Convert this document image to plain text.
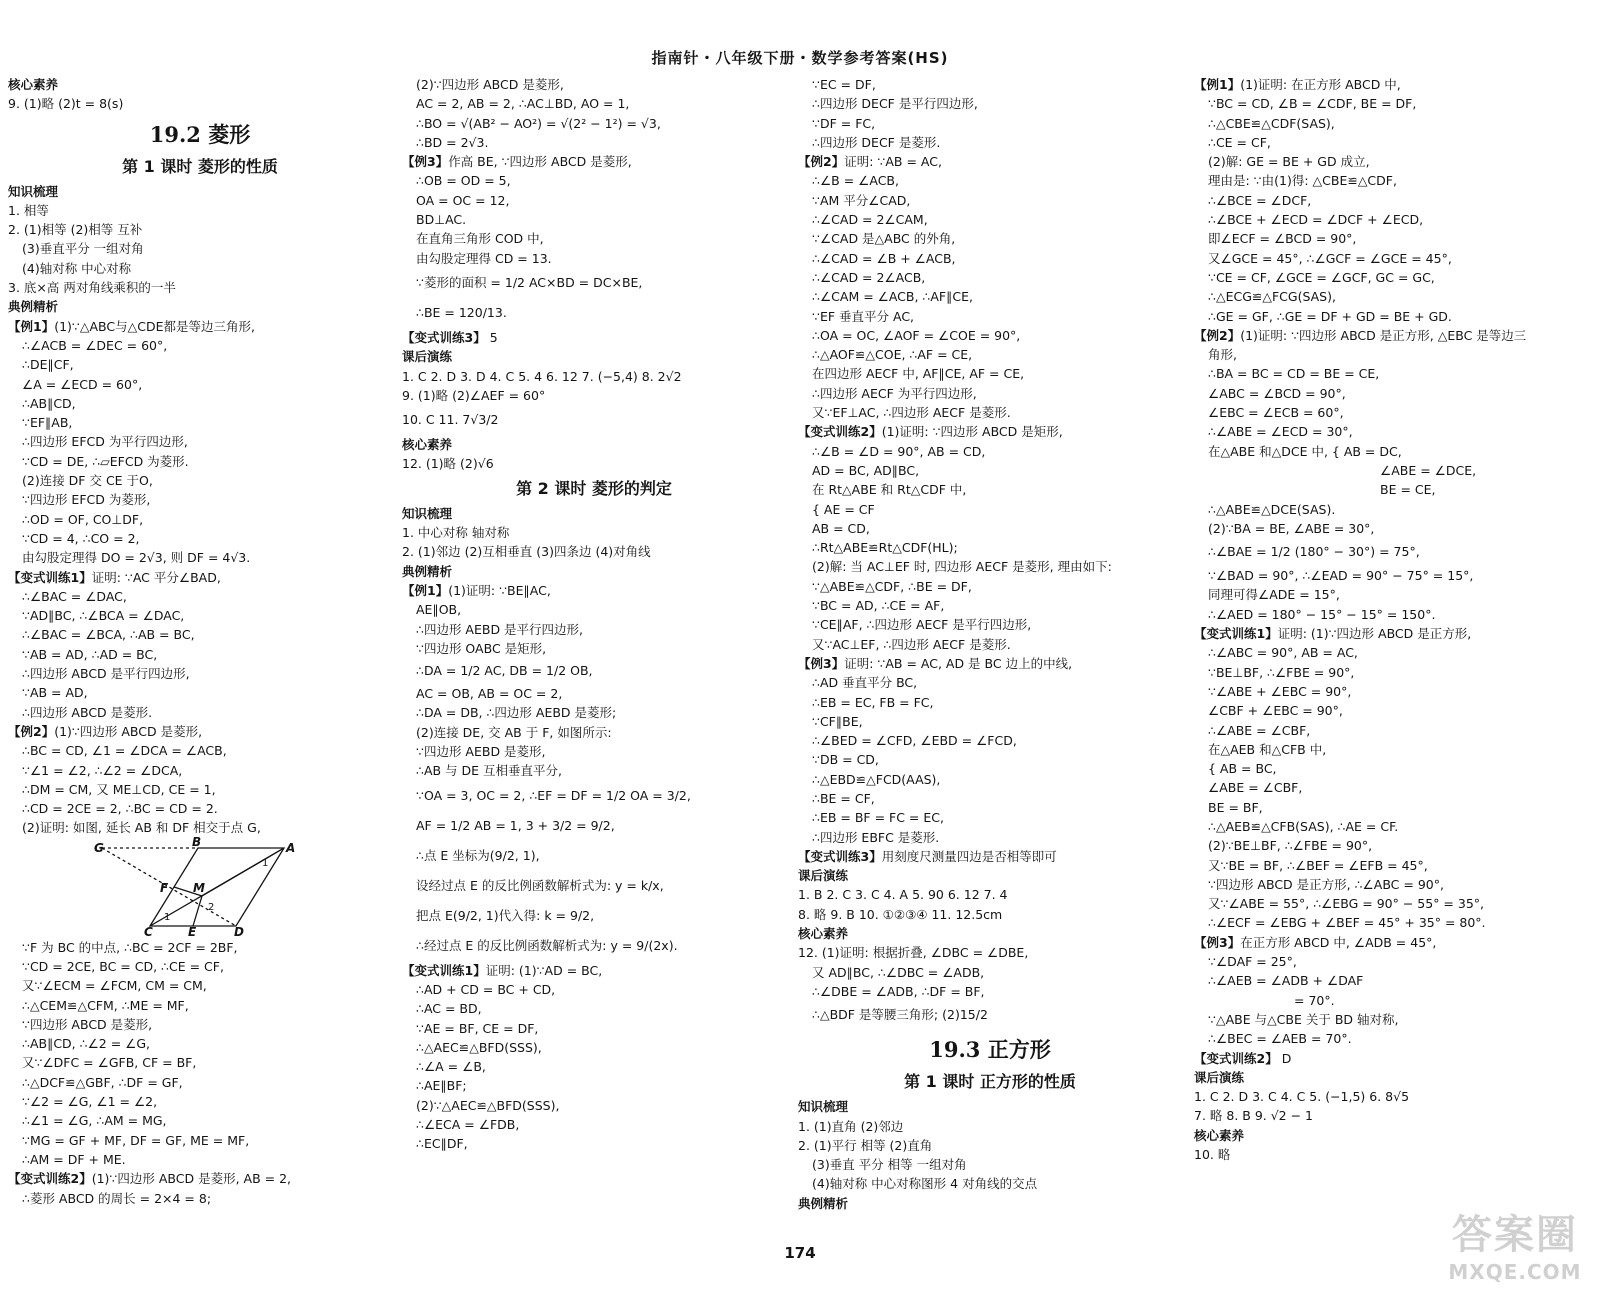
指南针・八年级下册・数学参考答案(HS)

核心素养

9. (1)略 (2)t = 8(s)

19.2 菱形
第 1 课时 菱形的性质

知识梳理

1. 相等

2. (1)相等 (2)相等 互补

(3)垂直平分 一组对角

(4)轴对称 中心对称

3. 底×高 两对角线乘积的一半

典例精析

【例1】(1)∵△ABC与△CDE都是等边三角形,

∴∠ACB = ∠DEC = 60°,

∴DE∥CF,

∠A = ∠ECD = 60°,

∴AB∥CD,

∵EF∥AB,

∴四边形 EFCD 为平行四边形,

∵CD = DE, ∴▱EFCD 为菱形.

(2)连接 DF 交 CE 于O,

∵四边形 EFCD 为菱形,

∴OD = OF, CO⊥DF,

∵CD = 4, ∴CO = 2,

由勾股定理得 DO = 2√3, 则 DF = 4√3.

【变式训练1】证明: ∵AC 平分∠BAD,

∴∠BAC = ∠DAC,

∵AD∥BC, ∴∠BCA = ∠DAC,

∴∠BAC = ∠BCA, ∴AB = BC,

∵AB = AD, ∴AD = BC,

∴四边形 ABCD 是平行四边形,

∵AB = AD,

∴四边形 ABCD 是菱形.

【例2】(1)∵四边形 ABCD 是菱形,

∴BC = CD, ∠1 = ∠DCA = ∠ACB,

∵∠1 = ∠2, ∴∠2 = ∠DCA,

∴DM = CM, 又 ME⊥CD, CE = 1,

∴CD = 2CE = 2, ∴BC = CD = 2.

(2)证明: 如图, 延长 AB 和 DF 相交于点 G,

G	B	A
M
F
C	E	D
1
1
2

∵F 为 BC 的中点, ∴BC = 2CF = 2BF,

∵CD = 2CE, BC = CD, ∴CE = CF,

又∵∠ECM = ∠FCM, CM = CM,

∴△CEM≌△CFM, ∴ME = MF,

∵四边形 ABCD 是菱形,

∴AB∥CD, ∴∠2 = ∠G,

又∵∠DFC = ∠GFB, CF = BF,

∴△DCF≌△GBF, ∴DF = GF,

∵∠2 = ∠G, ∠1 = ∠2,

∴∠1 = ∠G, ∴AM = MG,

∵MG = GF + MF, DF = GF, ME = MF,

∴AM = DF + ME.

【变式训练2】(1)∵四边形 ABCD 是菱形, AB = 2,

∴菱形 ABCD 的周长 = 2×4 = 8;

(2)∵四边形 ABCD 是菱形,

AC = 2, AB = 2, ∴AC⊥BD, AO = 1,

∴BO = √(AB² − AO²) = √(2² − 1²) = √3,

∴BD = 2√3.

【例3】作高 BE, ∵四边形 ABCD 是菱形,

∴OB = OD = 5,

OA = OC = 12,

BD⊥AC.

在直角三角形 COD 中,

由勾股定理得 CD = 13.

∵菱形的面积 = 1/2 AC×BD = DC×BE,

∴BE = 120/13.

【变式训练3】 5

课后演练

1. C 2. D 3. D 4. C 5. 4 6. 12 7. (−5,4) 8. 2√2

9. (1)略 (2)∠AEF = 60°

10. C 11. 7√3/2

核心素养

12. (1)略 (2)√6

第 2 课时 菱形的判定

知识梳理

1. 中心对称 轴对称

2. (1)邻边 (2)互相垂直 (3)四条边 (4)对角线

典例精析

【例1】(1)证明: ∵BE∥AC,

AE∥OB,

∴四边形 AEBD 是平行四边形,

∵四边形 OABC 是矩形,

∴DA = 1/2 AC, DB = 1/2 OB,

AC = OB, AB = OC = 2,

∴DA = DB, ∴四边形 AEBD 是菱形;

(2)连接 DE, 交 AB 于 F, 如图所示:

∵四边形 AEBD 是菱形,

∴AB 与 DE 互相垂直平分,

∵OA = 3, OC = 2, ∴EF = DF = 1/2 OA = 3/2,

AF = 1/2 AB = 1, 3 + 3/2 = 9/2,

∴点 E 坐标为(9/2, 1),

设经过点 E 的反比例函数解析式为: y = k/x,

把点 E(9/2, 1)代入得: k = 9/2,

∴经过点 E 的反比例函数解析式为: y = 9/(2x).

【变式训练1】证明: (1)∵AD = BC,

∴AD + CD = BC + CD,

∴AC = BD,

∵AE = BF, CE = DF,

∴△AEC≌△BFD(SSS),

∴∠A = ∠B,

∴AE∥BF;

(2)∵△AEC≌△BFD(SSS),

∴∠ECA = ∠FDB,

∴EC∥DF,

∵EC = DF,

∴四边形 DECF 是平行四边形,

∵DF = FC,

∴四边形 DECF 是菱形.

【例2】证明: ∵AB = AC,

∴∠B = ∠ACB,

∵AM 平分∠CAD,

∴∠CAD = 2∠CAM,

∵∠CAD 是△ABC 的外角,

∴∠CAD = ∠B + ∠ACB,

∴∠CAD = 2∠ACB,

∴∠CAM = ∠ACB, ∴AF∥CE,

∵EF 垂直平分 AC,

∴OA = OC, ∠AOF = ∠COE = 90°,

∴△AOF≌△COE, ∴AF = CE,

在四边形 AECF 中, AF∥CE, AF = CE,

∴四边形 AECF 为平行四边形,

又∵EF⊥AC, ∴四边形 AECF 是菱形.

【变式训练2】(1)证明: ∵四边形 ABCD 是矩形,

∴∠B = ∠D = 90°, AB = CD,

AD = BC, AD∥BC,

在 Rt△ABE 和 Rt△CDF 中,

{ AE = CF

AB = CD,

∴Rt△ABE≌Rt△CDF(HL);

(2)解: 当 AC⊥EF 时, 四边形 AECF 是菱形, 理由如下:

∵△ABE≌△CDF, ∴BE = DF,

∵BC = AD, ∴CE = AF,

∵CE∥AF, ∴四边形 AECF 是平行四边形,

又∵AC⊥EF, ∴四边形 AECF 是菱形.

【例3】证明: ∵AB = AC, AD 是 BC 边上的中线,

∴AD 垂直平分 BC,

∴EB = EC, FB = FC,

∵CF∥BE,

∴∠BED = ∠CFD, ∠EBD = ∠FCD,

∵DB = CD,

∴△EBD≌△FCD(AAS),

∴BE = CF,

∴EB = BF = FC = EC,

∴四边形 EBFC 是菱形.

【变式训练3】用刻度尺测量四边是否相等即可

课后演练

1. B 2. C 3. C 4. A 5. 90 6. 12 7. 4

8. 略 9. B 10. ①②③④ 11. 12.5cm

核心素养

12. (1)证明: 根据折叠, ∠DBC = ∠DBE,

又 AD∥BC, ∴∠DBC = ∠ADB,

∴∠DBE = ∠ADB, ∴DF = BF,

∴△BDF 是等腰三角形; (2)15/2

19.3 正方形
第 1 课时 正方形的性质

知识梳理

1. (1)直角 (2)邻边

2. (1)平行 相等 (2)直角

(3)垂直 平分 相等 一组对角

(4)轴对称 中心对称图形 4 对角线的交点

典例精析

【例1】(1)证明: 在正方形 ABCD 中,

∵BC = CD, ∠B = ∠CDF, BE = DF,

∴△CBE≌△CDF(SAS),

∴CE = CF,

(2)解: GE = BE + GD 成立,

理由是: ∵由(1)得: △CBE≌△CDF,

∴∠BCE = ∠DCF,

∴∠BCE + ∠ECD = ∠DCF + ∠ECD,

即∠ECF = ∠BCD = 90°,

又∠GCE = 45°, ∴∠GCF = ∠GCE = 45°,

∵CE = CF, ∠GCE = ∠GCF, GC = GC,

∴△ECG≌△FCG(SAS),

∴GE = GF, ∴GE = DF + GD = BE + GD.

【例2】(1)证明: ∵四边形 ABCD 是正方形, △EBC 是等边三

角形,

∴BA = BC = CD = BE = CE,

∠ABC = ∠BCD = 90°,

∠EBC = ∠ECB = 60°,

∴∠ABE = ∠ECD = 30°,

在△ABE 和△DCE 中, { AB = DC,

∠ABE = ∠DCE,

BE = CE,

∴△ABE≌△DCE(SAS).

(2)∵BA = BE, ∠ABE = 30°,

∴∠BAE = 1/2 (180° − 30°) = 75°,

∵∠BAD = 90°, ∴∠EAD = 90° − 75° = 15°,

同理可得∠ADE = 15°,

∴∠AED = 180° − 15° − 15° = 150°.

【变式训练1】证明: (1)∵四边形 ABCD 是正方形,

∴∠ABC = 90°, AB = AC,

∵BE⊥BF, ∴∠FBE = 90°,

∵∠ABE + ∠EBC = 90°,

∠CBF + ∠EBC = 90°,

∴∠ABE = ∠CBF,

在△AEB 和△CFB 中,

{ AB = BC,

∠ABE = ∠CBF,

BE = BF,

∴△AEB≌△CFB(SAS), ∴AE = CF.

(2)∵BE⊥BF, ∴∠FBE = 90°,

又∵BE = BF, ∴∠BEF = ∠EFB = 45°,

∵四边形 ABCD 是正方形, ∴∠ABC = 90°,

又∵∠ABE = 55°, ∴∠EBG = 90° − 55° = 35°,

∴∠ECF = ∠EBG + ∠BEF = 45° + 35° = 80°.

【例3】在正方形 ABCD 中, ∠ADB = 45°,

∵∠DAF = 25°,

∴∠AEB = ∠ADB + ∠DAF

= 70°.

∵△ABE 与△CBE 关于 BD 轴对称,

∴∠BEC = ∠AEB = 70°.

【变式训练2】 D

课后演练

1. C 2. D 3. C 4. C 5. (−1,5) 6. 8√5

7. 略 8. B 9. √2 − 1

核心素养

10. 略

174	答案圈
MXQE.COM
